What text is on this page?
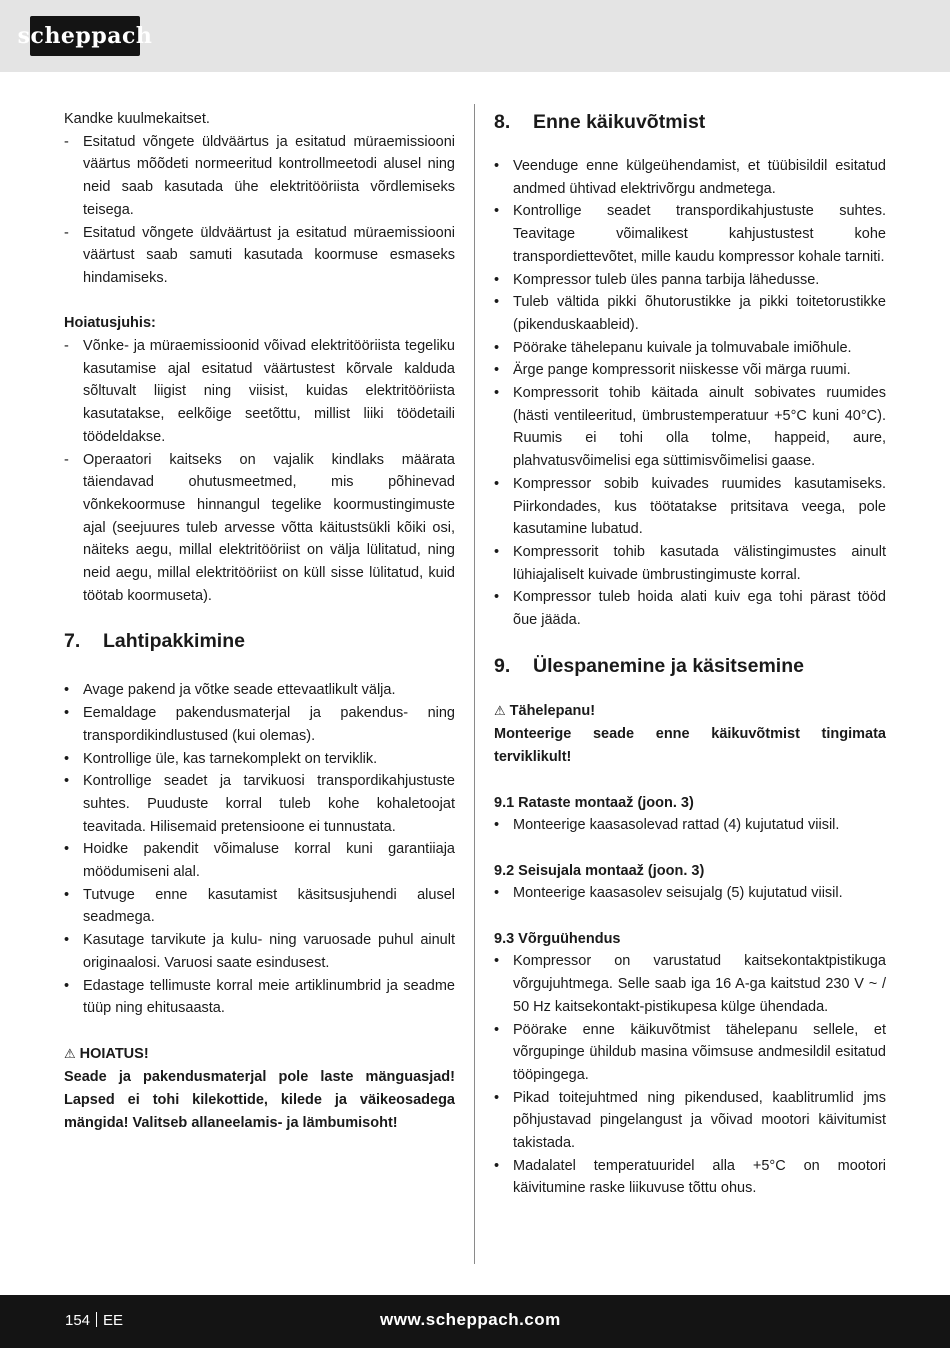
scheppach

Kandke kuulmekaitset.

- Esitatud võngete üldväärtus ja esitatud müraemissiooni väärtus mõõdeti normeeritud kontrollmeetodi alusel ning neid saab kasutada ühe elektritööriista võrdlemiseks teisega.
- Esitatud võngete üldväärtust ja esitatud müraemissiooni väärtust saab samuti kasutada koormuse esmaseks hindamiseks.

Hoiatusjuhis:

- Võnke- ja müraemissioonid võivad elektritööriista tegeliku kasutamise ajal esitatud väärtustest kõrvale kalduda sõltuvalt liigist ning viisist, kuidas elektritööriista kasutatakse, eelkõige seetõttu, millist liiki töödetaili töödeldakse.
- Operaatori kaitseks on vajalik kindlaks määrata täiendavad ohutusmeetmed, mis põhinevad võnkekoormuse hinnangul tegelike koormustingimuste ajal (seejuures tuleb arvesse võtta käitustsükli kõiki osi, näiteks aegu, millal elektritööriist on välja lülitatud, ning neid aegu, millal elektritööriist on küll sisse lülitatud, kuid töötab koormuseta).
7.	Lahtipakkimine
• Avage pakend ja võtke seade ettevaatlikult välja.
• Eemaldage pakendusmaterjal ja pakendus- ning transpordikindlustused (kui olemas).
• Kontrollige üle, kas tarnekomplekt on terviklik.
• Kontrollige seadet ja tarvikuosi transpordikahjustuste suhtes. Puuduste korral tuleb kohe kohaletoojat teavitada. Hilisemaid pretensioone ei tunnustata.
• Hoidke pakendit võimaluse korral kuni garantiiaja möödumiseni alal.
• Tutvuge enne kasutamist käsitsusjuhendi alusel seadmega.
• Kasutage tarvikute ja kulu- ning varuosade puhul ainult originaalosi. Varuosi saate esindusest.
• Edastage tellimuste korral meie artiklinumbrid ja seadme tüüp ning ehitusaasta.

⚠ HOIATUS!

Seade ja pakendusmaterjal pole laste mänguasjad! Lapsed ei tohi kilekottide, kilede ja väikeosadega mängida! Valitseb allaneelamis- ja lämbumisoht!

8.	Enne käikuvõtmist
• Veenduge enne külgeühendamist, et tüübisildil esitatud andmed ühtivad elektrivõrgu andmetega.
• Kontrollige seadet transpordikahjustuste suhtes. Teavitage võimalikest kahjustustest kohe transpordiettevõtet, mille kaudu kompressor kohale tarniti.
• Kompressor tuleb üles panna tarbija lähedusse.
• Tuleb vältida pikki õhutorustikke ja pikki toitetorustikke (pikenduskaableid).
• Pöörake tähelepanu kuivale ja tolmuvabale imiõhule.
• Ärge pange kompressorit niiskesse või märga ruumi.
• Kompressorit tohib käitada ainult sobivates ruumides (hästi ventileeritud, ümbrustemperatuur +5°C kuni 40°C). Ruumis ei tohi olla tolme, happeid, aure, plahvatusvõimelisi ega süttimisvõimelisi gaase.
• Kompressor sobib kuivades ruumides kasutamiseks. Piirkondades, kus töötatakse pritsitava veega, pole kasutamine lubatud.
• Kompressorit tohib kasutada välistingimustes ainult lühiajaliselt kuivade ümbrustingimuste korral.
• Kompressor tuleb hoida alati kuiv ega tohi pärast tööd õue jääda.
9.	Ülespanemine ja käsitsemine

⚠ Tähelepanu!

Monteerige seade enne käikuvõtmist tingimata terviklikult!

9.1 Rataste montaaž (joon. 3)

• Monteerige kaasasolevad rattad (4) kujutatud viisil.

9.2 Seisujala montaaž (joon. 3)

• Monteerige kaasasolev seisujalg (5) kujutatud viisil.

9.3 Võrguühendus

• Kompressor on varustatud kaitsekontaktpistikuga võrgujuhtmega. Selle saab iga 16 A-ga kaitstud 230 V ~ / 50 Hz kaitsekontakt-pistikupesa külge ühendada.
• Pöörake enne käikuvõtmist tähelepanu sellele, et võrgupinge ühildub masina võimsuse andmesildil esitatud tööpingega.
• Pikad toitejuhtmed ning pikendused, kaablitrumlid jms põhjustavad pingelangust ja võivad mootori käivitumist takistada.
• Madalatel temperatuuridel alla +5°C on mootori käivitumine raske liikuvuse tõttu ohus.
154 EE	www.scheppach.com
